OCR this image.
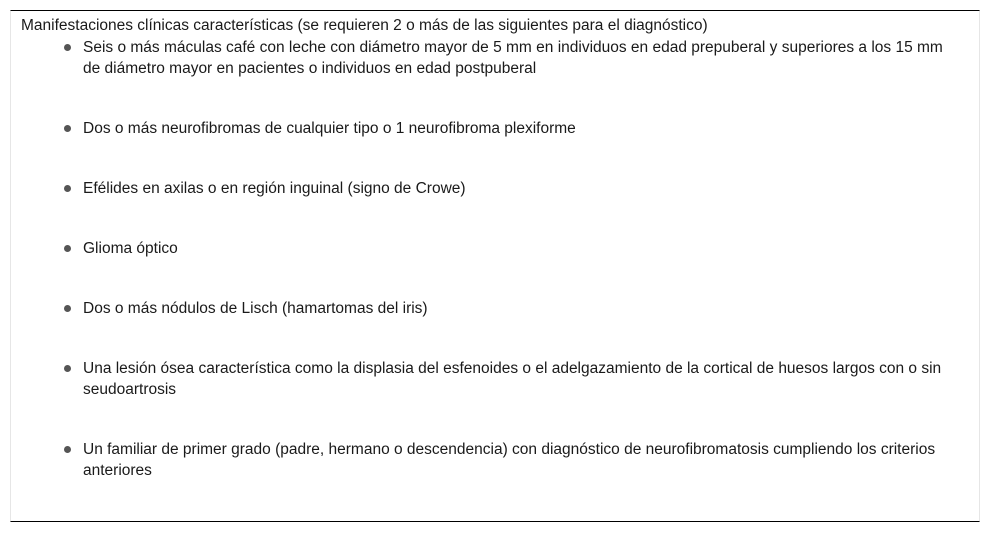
Manifestaciones clínicas características (se requieren 2 o más de las siguientes para el diagnóstico)
Seis o más máculas café con leche con diámetro mayor de 5 mm en individuos en edad prepuberal y superiores a los 15 mm de diámetro mayor en pacientes o individuos en edad postpuberal
Dos o más neurofibromas de cualquier tipo o 1 neurofibroma plexiforme
Efélides en axilas o en región inguinal (signo de Crowe)
Glioma óptico
Dos o más nódulos de Lisch (hamartomas del iris)
Una lesión ósea característica como la displasia del esfenoides o el adelgazamiento de la cortical de huesos largos con o sin seudoartrosis
Un familiar de primer grado (padre, hermano o descendencia) con diagnóstico de neurofibromatosis cumpliendo los criterios anteriores
